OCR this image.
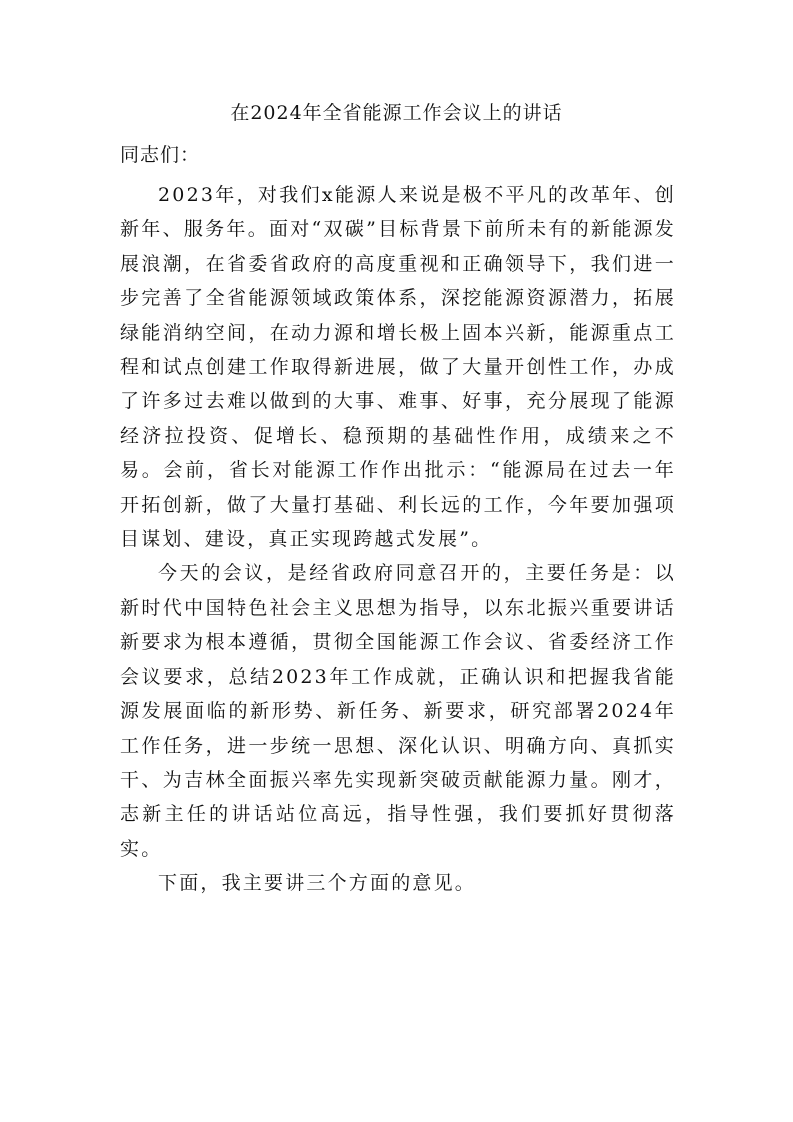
在2024年全省能源工作会议上的讲话
同志们：

2023年，对我们x能源人来说是极不平凡的改革年、创新年、服务年。面对“双碳”目标背景下前所未有的新能源发展浪潮，在省委省政府的高度重视和正确领导下，我们进一步完善了全省能源领域政策体系，深挖能源资源潜力，拓展绿能消纳空间，在动力源和增长极上固本兴新，能源重点工程和试点创建工作取得新进展，做了大量开创性工作，办成了许多过去难以做到的大事、难事、好事，充分展现了能源经济拉投资、促增长、稳预期的基础性作用，成绩来之不易。会前，省长对能源工作作出批示：“能源局在过去一年开拓创新，做了大量打基础、利长远的工作，今年要加强项目谋划、建设，真正实现跨越式发展”。

今天的会议，是经省政府同意召开的，主要任务是：以新时代中国特色社会主义思想为指导，以东北振兴重要讲话新要求为根本遵循，贯彻全国能源工作会议、省委经济工作会议要求，总结2023年工作成就，正确认识和把握我省能源发展面临的新形势、新任务、新要求，研究部署2024年工作任务，进一步统一思想、深化认识、明确方向、真抓实干、为吉林全面振兴率先实现新突破贡献能源力量。刚才，志新主任的讲话站位高远，指导性强，我们要抓好贯彻落实。

下面，我主要讲三个方面的意见。
